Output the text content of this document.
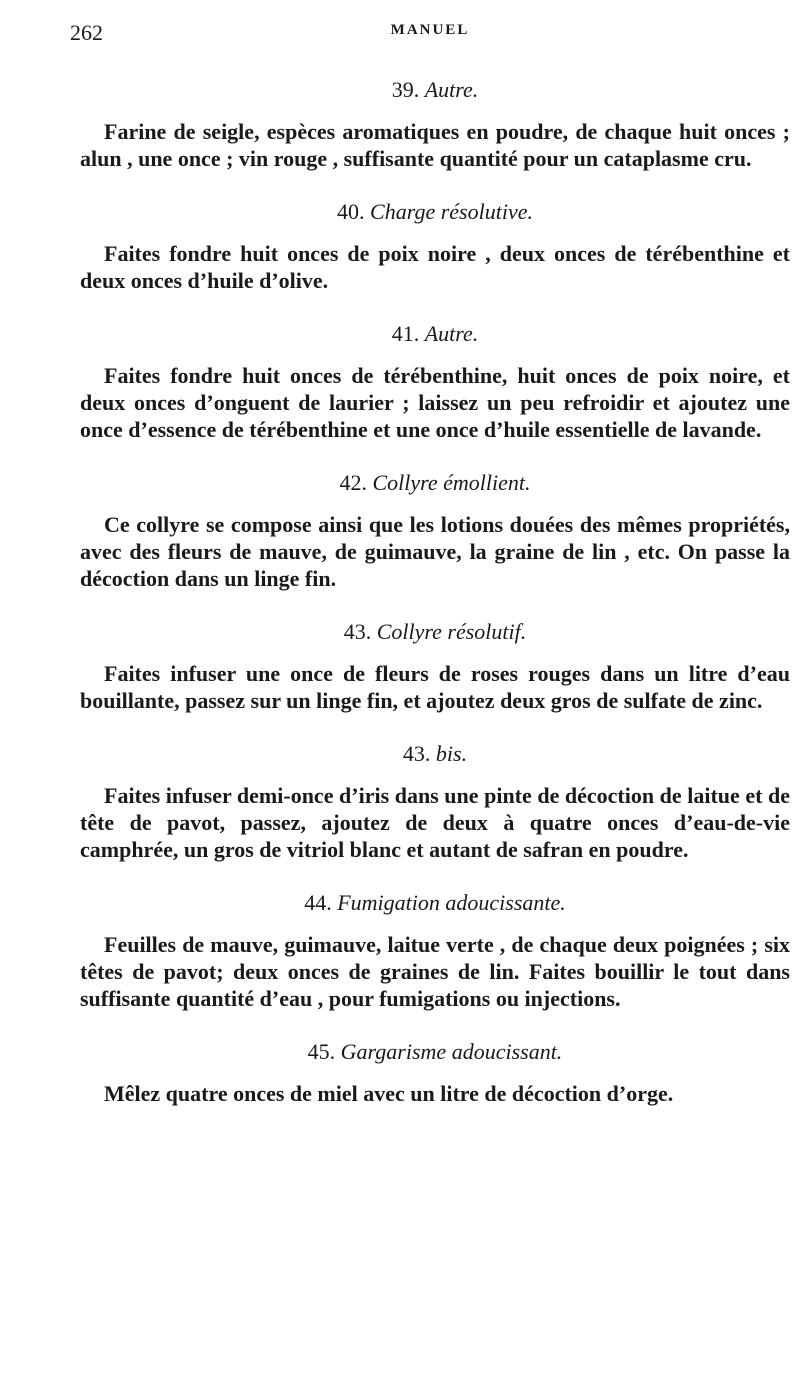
262	MANUEL

39. Autre.

Farine de seigle, espèces aromatiques en poudre, de chaque huit onces ; alun , une once ; vin rouge , suffisante quantité pour un cataplasme cru.

40. Charge résolutive.

Faites fondre huit onces de poix noire , deux onces de térébenthine et deux onces d’huile d’olive.

41. Autre.

Faites fondre huit onces de térébenthine, huit onces de poix noire, et deux onces d’onguent de laurier ; laissez un peu refroidir et ajoutez une once d’essence de térébenthine et une once d’huile essentielle de lavande.

42. Collyre émollient.

Ce collyre se compose ainsi que les lotions douées des mêmes propriétés, avec des fleurs de mauve, de guimauve, la graine de lin , etc. On passe la décoction dans un linge fin.

43. Collyre résolutif.

Faites infuser une once de fleurs de roses rouges dans un litre d’eau bouillante, passez sur un linge fin, et ajoutez deux gros de sulfate de zinc.

43. bis.

Faites infuser demi-once d’iris dans une pinte de décoction de laitue et de tête de pavot, passez, ajoutez de deux à quatre onces d’eau-de-vie camphrée, un gros de vitriol blanc et autant de safran en poudre.

44. Fumigation adoucissante.

Feuilles de mauve, guimauve, laitue verte , de chaque deux poignées ; six têtes de pavot; deux onces de graines de lin. Faites bouillir le tout dans suffisante quantité d’eau , pour fumigations ou injections.

45. Gargarisme adoucissant.

Mêlez quatre onces de miel avec un litre de décoction d’orge.
